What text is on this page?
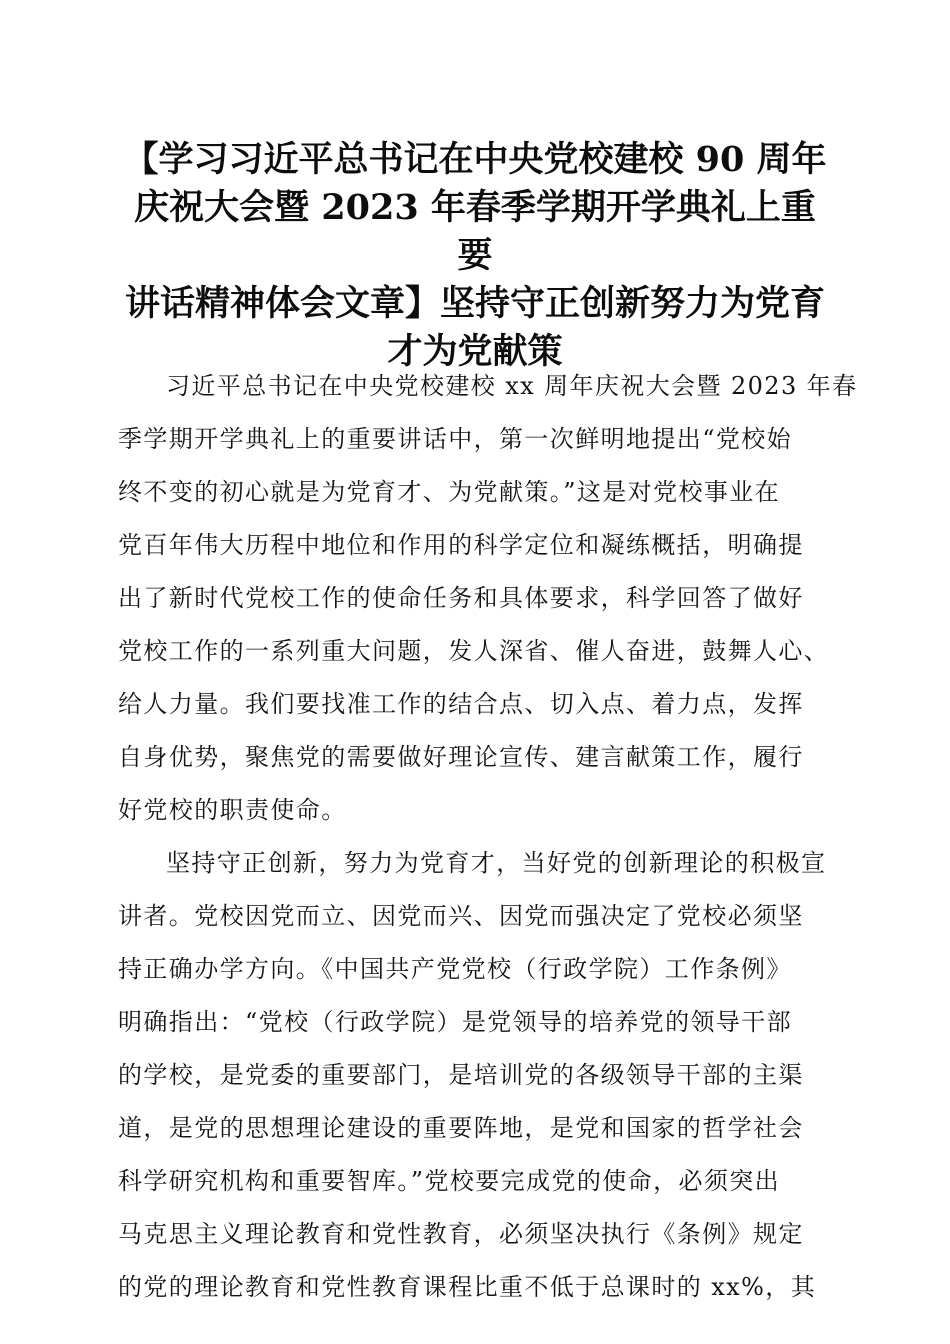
【学习习近平总书记在中央党校建校 90 周年
庆祝大会暨 2023 年春季学期开学典礼上重要
讲话精神体会文章】坚持守正创新努力为党育
才为党献策

习近平总书记在中央党校建校 xx 周年庆祝大会暨 2023 年春
季学期开学典礼上的重要讲话中，第一次鲜明地提出“党校始
终不变的初心就是为党育才、为党献策。”这是对党校事业在
党百年伟大历程中地位和作用的科学定位和凝练概括，明确提
出了新时代党校工作的使命任务和具体要求，科学回答了做好
党校工作的一系列重大问题，发人深省、催人奋进，鼓舞人心、
给人力量。我们要找准工作的结合点、切入点、着力点，发挥
自身优势，聚焦党的需要做好理论宣传、建言献策工作，履行
好党校的职责使命。

坚持守正创新，努力为党育才，当好党的创新理论的积极宣
讲者。党校因党而立、因党而兴、因党而强决定了党校必须坚
持正确办学方向。《中国共产党党校（行政学院）工作条例》
明确指出：“党校（行政学院）是党领导的培养党的领导干部
的学校，是党委的重要部门，是培训党的各级领导干部的主渠
道，是党的思想理论建设的重要阵地，是党和国家的哲学社会
科学研究机构和重要智库。”党校要完成党的使命，必须突出
马克思主义理论教育和党性教育，必须坚决执行《条例》规定
的党的理论教育和党性教育课程比重不低于总课时的 xx%，其
